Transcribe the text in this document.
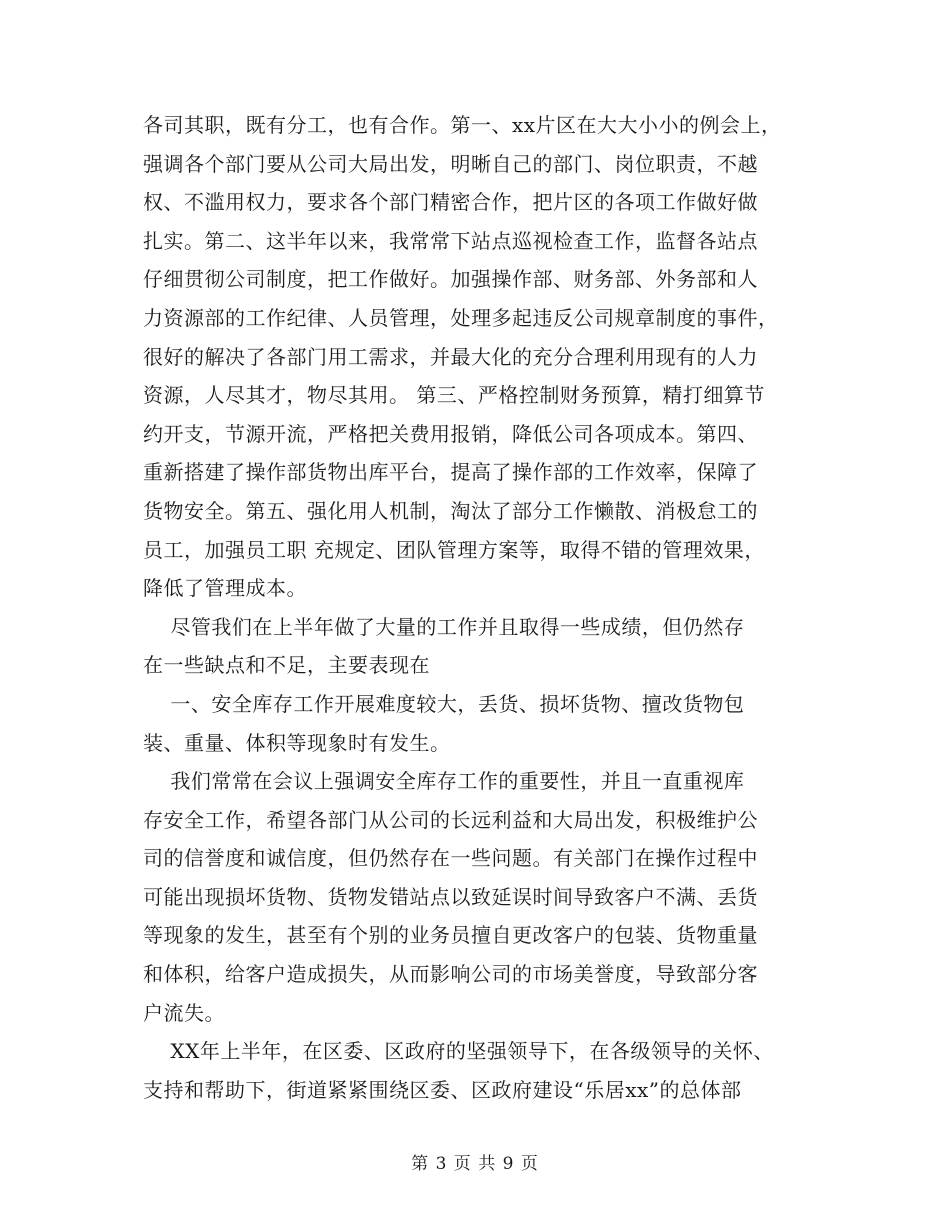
各司其职，既有分工，也有合作。第一、xx片区在大大小小的例会上，
强调各个部门要从公司大局出发，明晰自己的部门、岗位职责，不越
权、不滥用权力，要求各个部门精密合作，把片区的各项工作做好做
扎实。第二、这半年以来，我常常下站点巡视检查工作，监督各站点
仔细贯彻公司制度，把工作做好。加强操作部、财务部、外务部和人
力资源部的工作纪律、人员管理，处理多起违反公司规章制度的事件，
很好的解决了各部门用工需求，并最大化的充分合理利用现有的人力
资源，人尽其才，物尽其用。 第三、严格控制财务预算，精打细算节
约开支，节源开流，严格把关费用报销，降低公司各项成本。第四、
重新搭建了操作部货物出库平台，提高了操作部的工作效率，保障了
货物安全。第五、强化用人机制，淘汰了部分工作懒散、消极怠工的
员工，加强员工职 充规定、团队管理方案等，取得不错的管理效果，
降低了管理成本。
尽管我们在上半年做了大量的工作并且取得一些成绩，但仍然存
在一些缺点和不足，主要表现在
一、安全库存工作开展难度较大，丢货、损坏货物、擅改货物包
装、重量、体积等现象时有发生。
我们常常在会议上强调安全库存工作的重要性，并且一直重视库
存安全工作，希望各部门从公司的长远利益和大局出发，积极维护公
司的信誉度和诚信度，但仍然存在一些问题。有关部门在操作过程中
可能出现损坏货物、货物发错站点以致延误时间导致客户不满、丢货
等现象的发生，甚至有个别的业务员擅自更改客户的包装、货物重量
和体积，给客户造成损失，从而影响公司的市场美誉度，导致部分客
户流失。
XX年上半年，在区委、区政府的坚强领导下，在各级领导的关怀、
支持和帮助下，街道紧紧围绕区委、区政府建设“乐居xx”的总体部
第 3 页 共 9 页
